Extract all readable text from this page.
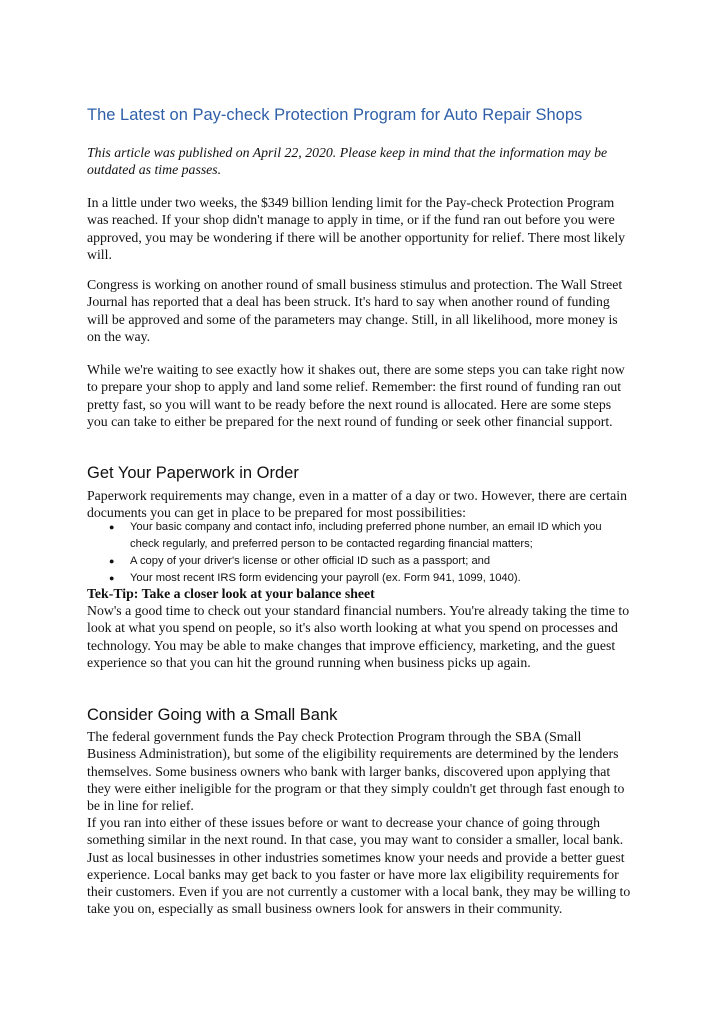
The Latest on Pay-check Protection Program for Auto Repair Shops

This article was published on April 22, 2020. Please keep in mind that the information may be outdated as time passes.

In a little under two weeks, the $349 billion lending limit for the Pay-check Protection Program was reached. If your shop didn't manage to apply in time, or if the fund ran out before you were approved, you may be wondering if there will be another opportunity for relief. There most likely will.

Congress is working on another round of small business stimulus and protection. The Wall Street Journal has reported that a deal has been struck. It's hard to say when another round of funding will be approved and some of the parameters may change. Still, in all likelihood, more money is on the way.

While we're waiting to see exactly how it shakes out, there are some steps you can take right now to prepare your shop to apply and land some relief. Remember: the first round of funding ran out pretty fast, so you will want to be ready before the next round is allocated. Here are some steps you can take to either be prepared for the next round of funding or seek other financial support.

Get Your Paperwork in Order

Paperwork requirements may change, even in a matter of a day or two. However, there are certain documents you can get in place to be prepared for most possibilities:

● Your basic company and contact info, including preferred phone number, an email ID which you check regularly, and preferred person to be contacted regarding financial matters;
● A copy of your driver's license or other official ID such as a passport; and
● Your most recent IRS form evidencing your payroll (ex. Form 941, 1099, 1040).

Tek-Tip: Take a closer look at your balance sheet

Now's a good time to check out your standard financial numbers. You're already taking the time to look at what you spend on people, so it's also worth looking at what you spend on processes and technology. You may be able to make changes that improve efficiency, marketing, and the guest experience so that you can hit the ground running when business picks up again.

Consider Going with a Small Bank

The federal government funds the Pay check Protection Program through the SBA (Small Business Administration), but some of the eligibility requirements are determined by the lenders themselves. Some business owners who bank with larger banks, discovered upon applying that they were either ineligible for the program or that they simply couldn't get through fast enough to be in line for relief.

If you ran into either of these issues before or want to decrease your chance of going through something similar in the next round. In that case, you may want to consider a smaller, local bank. Just as local businesses in other industries sometimes know your needs and provide a better guest experience. Local banks may get back to you faster or have more lax eligibility requirements for their customers. Even if you are not currently a customer with a local bank, they may be willing to take you on, especially as small business owners look for answers in their community.
